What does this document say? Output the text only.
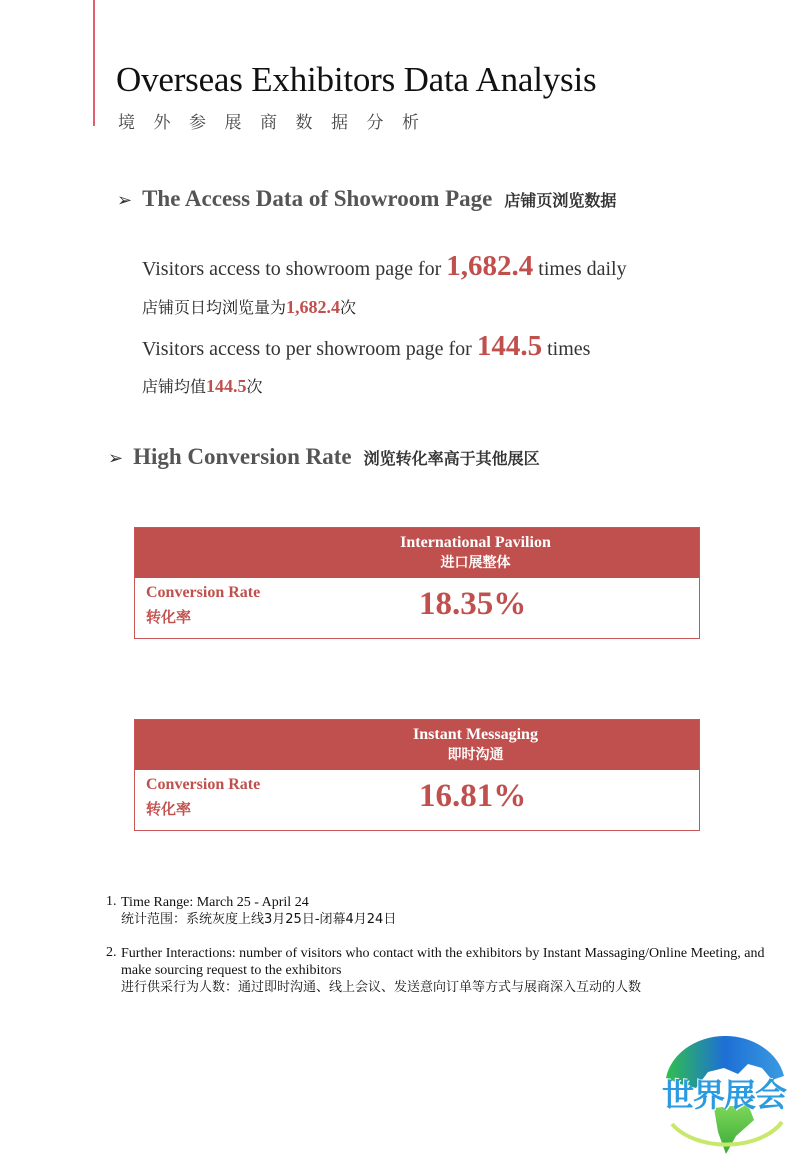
Overseas Exhibitors Data Analysis
境外参展商数据分析
➢ The Access Data of Showroom Page 店铺页浏览数据
Visitors access to showroom page for 1,682.4 times daily
店铺页日均浏览量为1,682.4次
Visitors access to per showroom page for 144.5 times
店铺均值144.5次
➢ High Conversion Rate 浏览转化率高于其他展区
International Pavilion
进口展整体
Conversion Rate
转化率	18.35%
Instant Messaging
即时沟通
Conversion Rate
转化率	16.81%
1. Time Range: March 25 - April 24
统计范围：系统灰度上线3月25日-闭幕4月24日
2. Further Interactions: number of visitors who contact with the exhibitors by Instant Massaging/Online Meeting, and make sourcing request to the exhibitors
进行供采行为人数：通过即时沟通、线上会议、发送意向订单等方式与展商深入互动的人数
世界展会
